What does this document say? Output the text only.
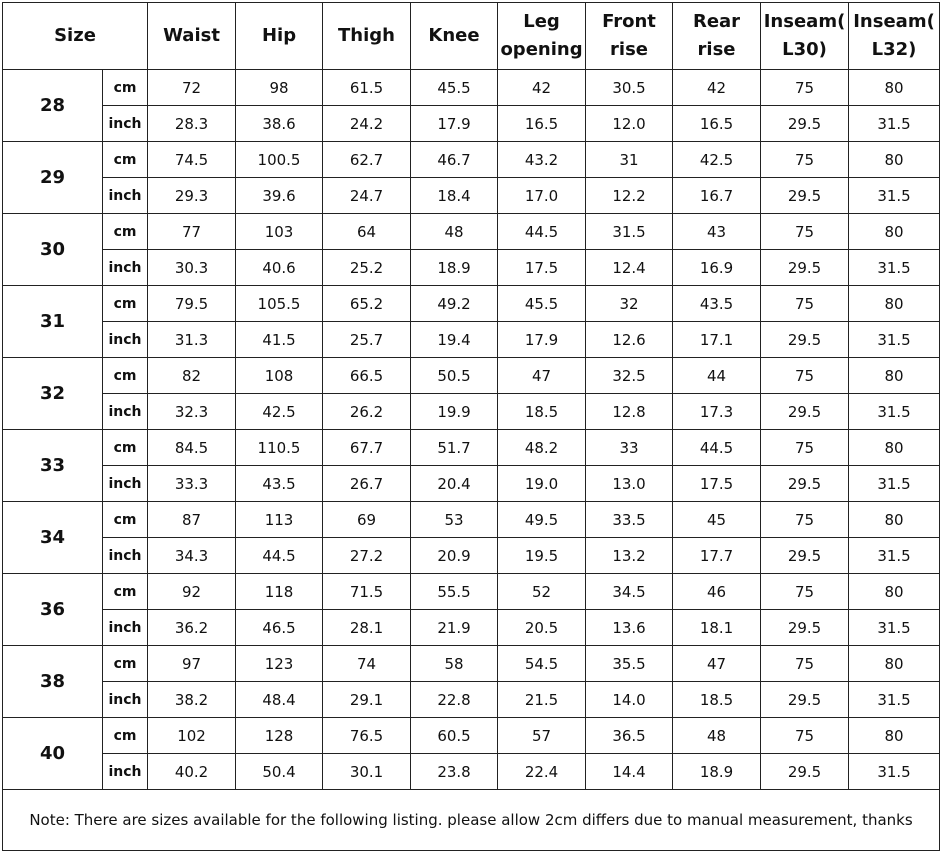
Size		Waist	Hip	Thigh	Knee	Leg opening	Front rise	Rear rise	Inseam( L30)	Inseam( L32)
28	cm	72	98	61.5	45.5	42	30.5	42	75	80
	inch	28.3	38.6	24.2	17.9	16.5	12.0	16.5	29.5	31.5
29	cm	74.5	100.5	62.7	46.7	43.2	31	42.5	75	80
	inch	29.3	39.6	24.7	18.4	17.0	12.2	16.7	29.5	31.5
30	cm	77	103	64	48	44.5	31.5	43	75	80
	inch	30.3	40.6	25.2	18.9	17.5	12.4	16.9	29.5	31.5
31	cm	79.5	105.5	65.2	49.2	45.5	32	43.5	75	80
	inch	31.3	41.5	25.7	19.4	17.9	12.6	17.1	29.5	31.5
32	cm	82	108	66.5	50.5	47	32.5	44	75	80
	inch	32.3	42.5	26.2	19.9	18.5	12.8	17.3	29.5	31.5
33	cm	84.5	110.5	67.7	51.7	48.2	33	44.5	75	80
	inch	33.3	43.5	26.7	20.4	19.0	13.0	17.5	29.5	31.5
34	cm	87	113	69	53	49.5	33.5	45	75	80
	inch	34.3	44.5	27.2	20.9	19.5	13.2	17.7	29.5	31.5
36	cm	92	118	71.5	55.5	52	34.5	46	75	80
	inch	36.2	46.5	28.1	21.9	20.5	13.6	18.1	29.5	31.5
38	cm	97	123	74	58	54.5	35.5	47	75	80
	inch	38.2	48.4	29.1	22.8	21.5	14.0	18.5	29.5	31.5
40	cm	102	128	76.5	60.5	57	36.5	48	75	80
	inch	40.2	50.4	30.1	23.8	22.4	14.4	18.9	29.5	31.5
Note: There are sizes available for the following listing. please allow 2cm differs due to manual measurement, thanks										
